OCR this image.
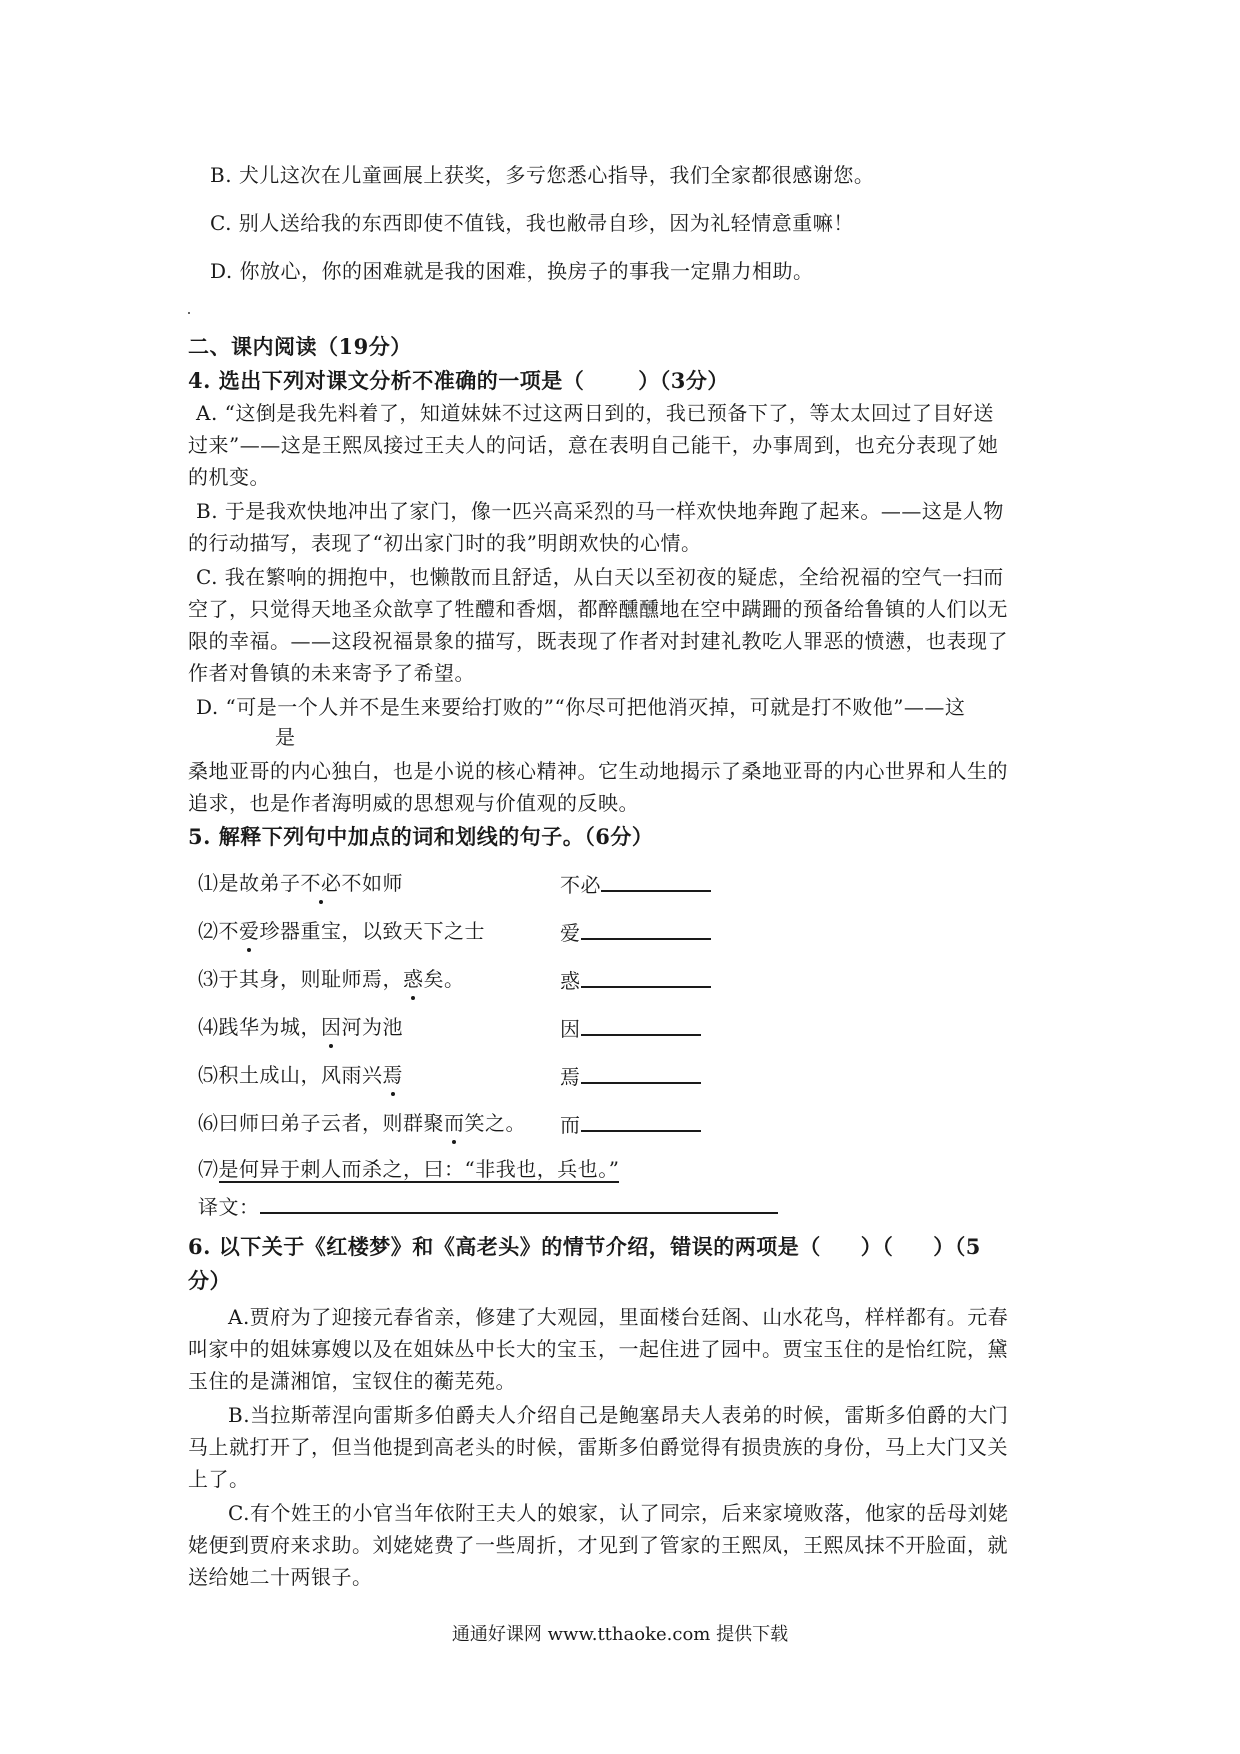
B. 犬儿这次在儿童画展上获奖，多亏您悉心指导，我们全家都很感谢您。
C. 别人送给我的东西即使不值钱，我也敝帚自珍，因为礼轻情意重嘛！
D. 你放心，你的困难就是我的困难，换房子的事我一定鼎力相助。
二、课内阅读（19分）
4. 选出下列对课文分析不准确的一项是（	）（3分）
A. “这倒是我先料着了，知道妹妹不过这两日到的，我已预备下了，等太太回过了目好送
过来”——这是王熙凤接过王夫人的问话，意在表明自己能干，办事周到，也充分表现了她
的机变。
B. 于是我欢快地冲出了家门，像一匹兴高采烈的马一样欢快地奔跑了起来。——这是人物
的行动描写，表现了“初出家门时的我”明朗欢快的心情。
C. 我在繁响的拥抱中，也懒散而且舒适，从白天以至初夜的疑虑，全给祝福的空气一扫而
空了，只觉得天地圣众歆享了牲醴和香烟，都醉醺醺地在空中蹒跚的预备给鲁镇的人们以无
限的幸福。——这段祝福景象的描写，既表现了作者对封建礼教吃人罪恶的愤懑，也表现了
作者对鲁镇的未来寄予了希望。
D. “可是一个人并不是生来要给打败的”“你尽可把他消灭掉，可就是打不败他”——这
是
桑地亚哥的内心独白，也是小说的核心精神。它生动地揭示了桑地亚哥的内心世界和人生的
追求，也是作者海明威的思想观与价值观的反映。
5. 解释下列句中加点的词和划线的句子。（6分）
⑴是故弟子不必不如师	不必
⑵不爱珍器重宝，以致天下之士	爱
⑶于其身，则耻师焉，惑矣。	惑
⑷践华为城，因河为池	因
⑸积土成山，风雨兴焉	焉
⑹曰师曰弟子云者，则群聚而笑之。 而
⑺是何异于刺人而杀之，曰：“非我也，兵也。”
译文：
6. 以下关于《红楼梦》和《高老头》的情节介绍，错误的两项是（ ）（ ）（5
分）
A.贾府为了迎接元春省亲，修建了大观园，里面楼台廷阁、山水花鸟，样样都有。元春
叫家中的姐妹寡嫂以及在姐妹丛中长大的宝玉，一起住进了园中。贾宝玉住的是怡红院，黛
玉住的是潇湘馆，宝钗住的蘅芜苑。
B.当拉斯蒂涅向雷斯多伯爵夫人介绍自己是鲍塞昂夫人表弟的时候，雷斯多伯爵的大门
马上就打开了，但当他提到高老头的时候，雷斯多伯爵觉得有损贵族的身份，马上大门又关
上了。
C.有个姓王的小官当年依附王夫人的娘家，认了同宗，后来家境败落，他家的岳母刘姥
姥便到贾府来求助。刘姥姥费了一些周折，才见到了管家的王熙凤，王熙凤抹不开脸面，就
送给她二十两银子。
通通好课网 www.tthaoke.com 提供下载
